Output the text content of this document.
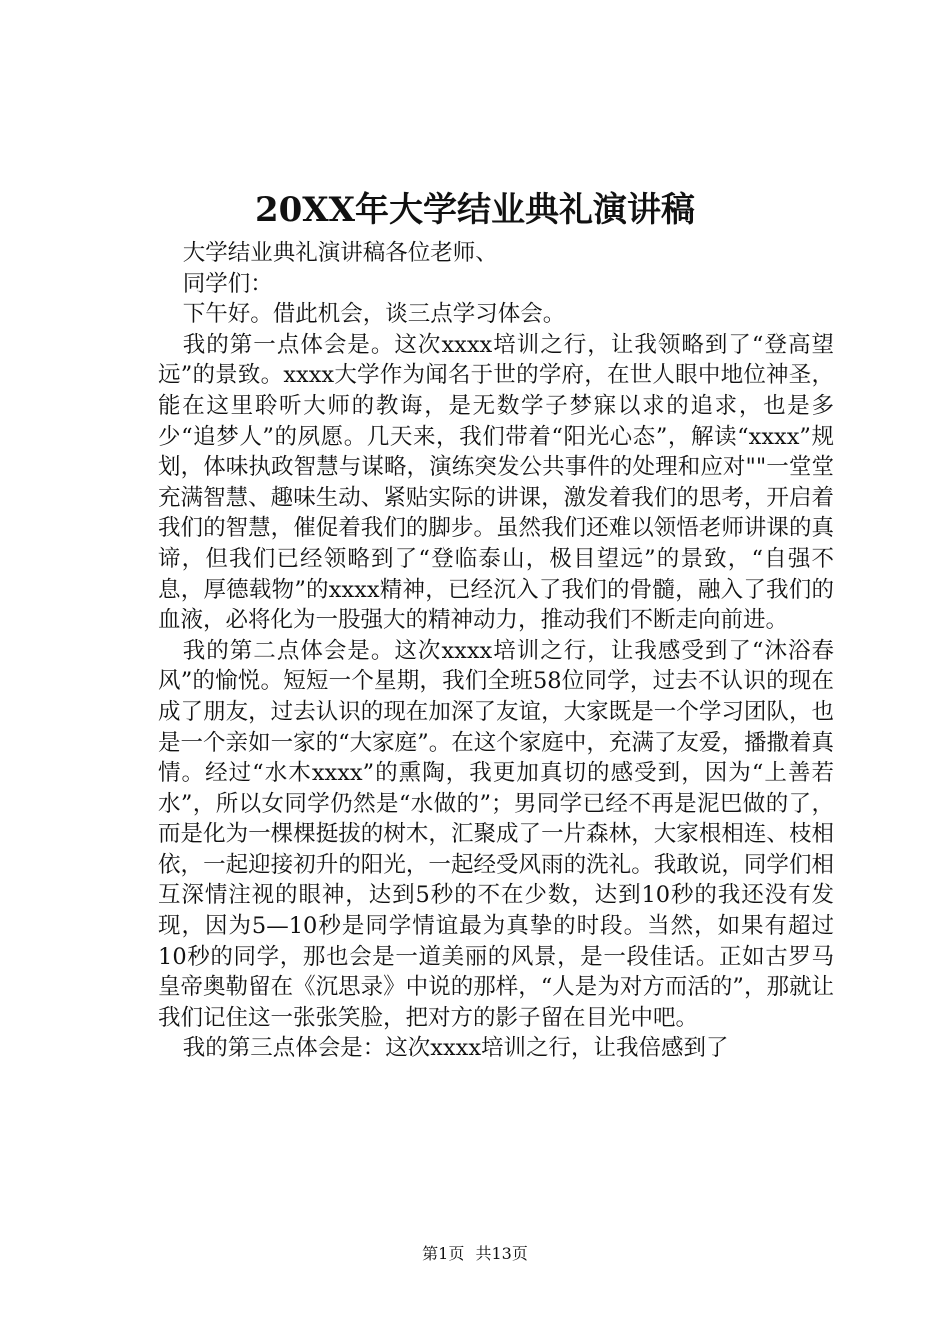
20XX年大学结业典礼演讲稿

大学结业典礼演讲稿各位老师、

同学们：

下午好。借此机会，谈三点学习体会。

我的第一点体会是。这次xxxx培训之行，让我领略到了“登高望远”的景致。xxxx大学作为闻名于世的学府，在世人眼中地位神圣，能在这里聆听大师的教诲，是无数学子梦寐以求的追求，也是多少“追梦人”的夙愿。几天来，我们带着“阳光心态”，解读“xxxx”规划，体味执政智慧与谋略，演练突发公共事件的处理和应对""一堂堂充满智慧、趣味生动、紧贴实际的讲课，激发着我们的思考，开启着我们的智慧，催促着我们的脚步。虽然我们还难以领悟老师讲课的真谛，但我们已经领略到了“登临泰山，极目望远”的景致，“自强不息，厚德载物”的xxxx精神，已经沉入了我们的骨髓，融入了我们的血液，必将化为一股强大的精神动力，推动我们不断走向前进。

我的第二点体会是。这次xxxx培训之行，让我感受到了“沐浴春风”的愉悦。短短一个星期，我们全班58位同学，过去不认识的现在成了朋友，过去认识的现在加深了友谊，大家既是一个学习团队，也是一个亲如一家的“大家庭”。在这个家庭中，充满了友爱，播撒着真情。经过“水木xxxx”的熏陶，我更加真切的感受到，因为“上善若水”，所以女同学仍然是“水做的”；男同学已经不再是泥巴做的了，而是化为一棵棵挺拔的树木，汇聚成了一片森林，大家根相连、枝相依，一起迎接初升的阳光，一起经受风雨的洗礼。我敢说，同学们相互深情注视的眼神，达到5秒的不在少数，达到10秒的我还没有发现，因为5—10秒是同学情谊最为真挚的时段。当然，如果有超过10秒的同学，那也会是一道美丽的风景，是一段佳话。正如古罗马皇帝奥勒留在《沉思录》中说的那样，“人是为对方而活的”，那就让我们记住这一张张笑脸，把对方的影子留在目光中吧。

我的第三点体会是：这次xxxx培训之行，让我倍感到了

第1页 共13页
